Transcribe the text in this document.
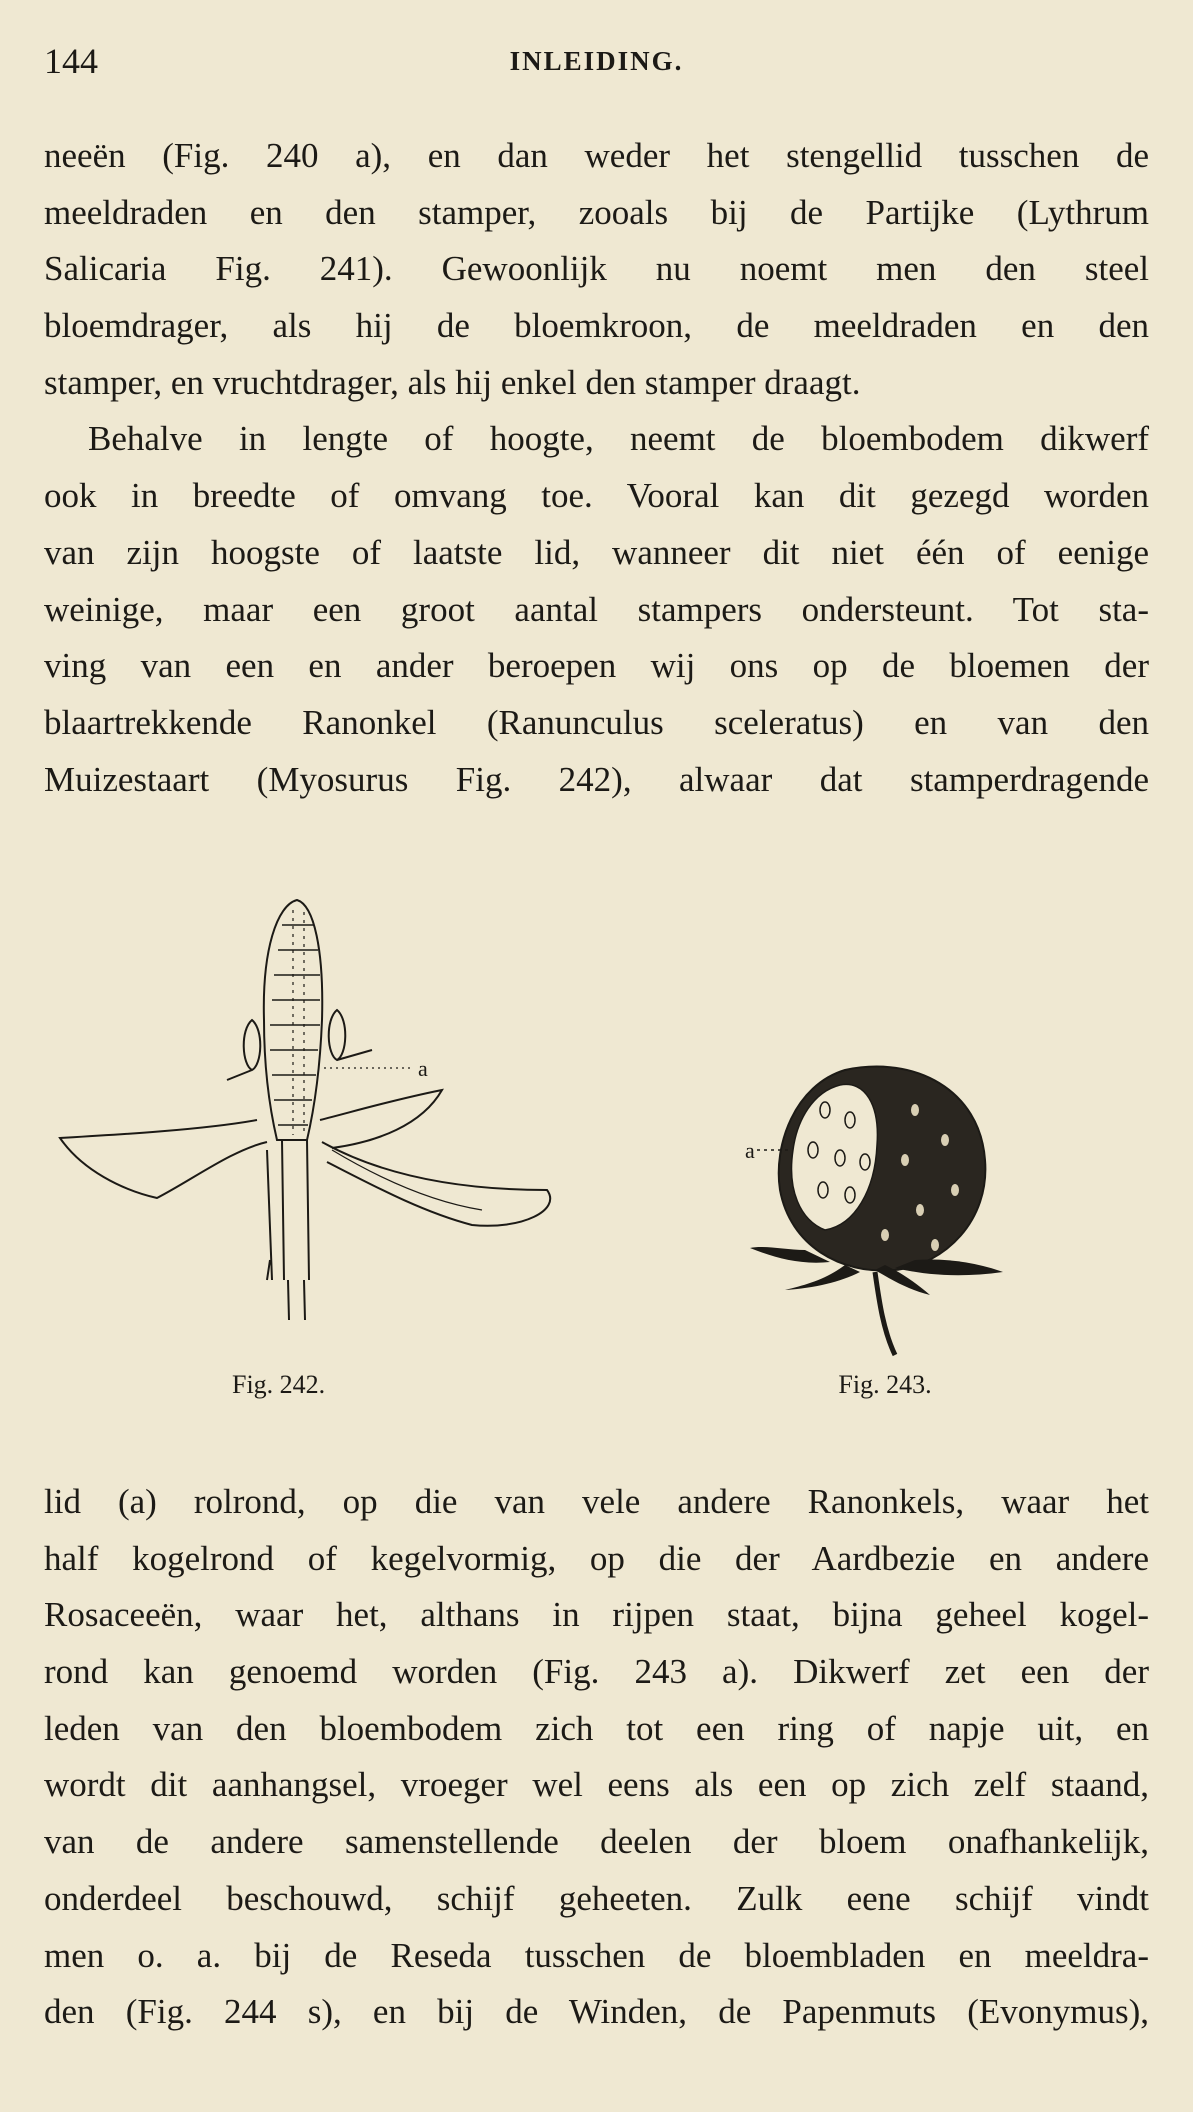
144	INLEIDING.
neeën (Fig. 240 a), en dan weder het stengellid tusschen de
meeldraden en den stamper, zooals bij de Partijke (Lythrum
Salicaria Fig. 241). Gewoonlijk nu noemt men den steel
bloemdrager, als hij de bloemkroon, de meeldraden en den
stamper, en vruchtdrager, als hij enkel den stamper draagt.
Behalve in lengte of hoogte, neemt de bloembodem dikwerf
ook in breedte of omvang toe. Vooral kan dit gezegd worden
van zijn hoogste of laatste lid, wanneer dit niet één of eenige
weinige, maar een groot aantal stampers ondersteunt. Tot sta-
ving van een en ander beroepen wij ons op de bloemen der
blaartrekkende Ranonkel (Ranunculus sceleratus) en van den
Muizestaart (Myosurus Fig. 242), alwaar dat stamperdragende
a
Fig. 242.
a
Fig. 243.
lid (a) rolrond, op die van vele andere Ranonkels, waar het
half kogelrond of kegelvormig, op die der Aardbezie en andere
Rosaceeën, waar het, althans in rijpen staat, bijna geheel kogel-
rond kan genoemd worden (Fig. 243 a). Dikwerf zet een der
leden van den bloembodem zich tot een ring of napje uit, en
wordt dit aanhangsel, vroeger wel eens als een op zich zelf staand,
van de andere samenstellende deelen der bloem onafhankelijk,
onderdeel beschouwd, schijf geheeten. Zulk eene schijf vindt
men o. a. bij de Reseda tusschen de bloembladen en meeldra-
den (Fig. 244 s), en bij de Winden, de Papenmuts (Evonymus),
